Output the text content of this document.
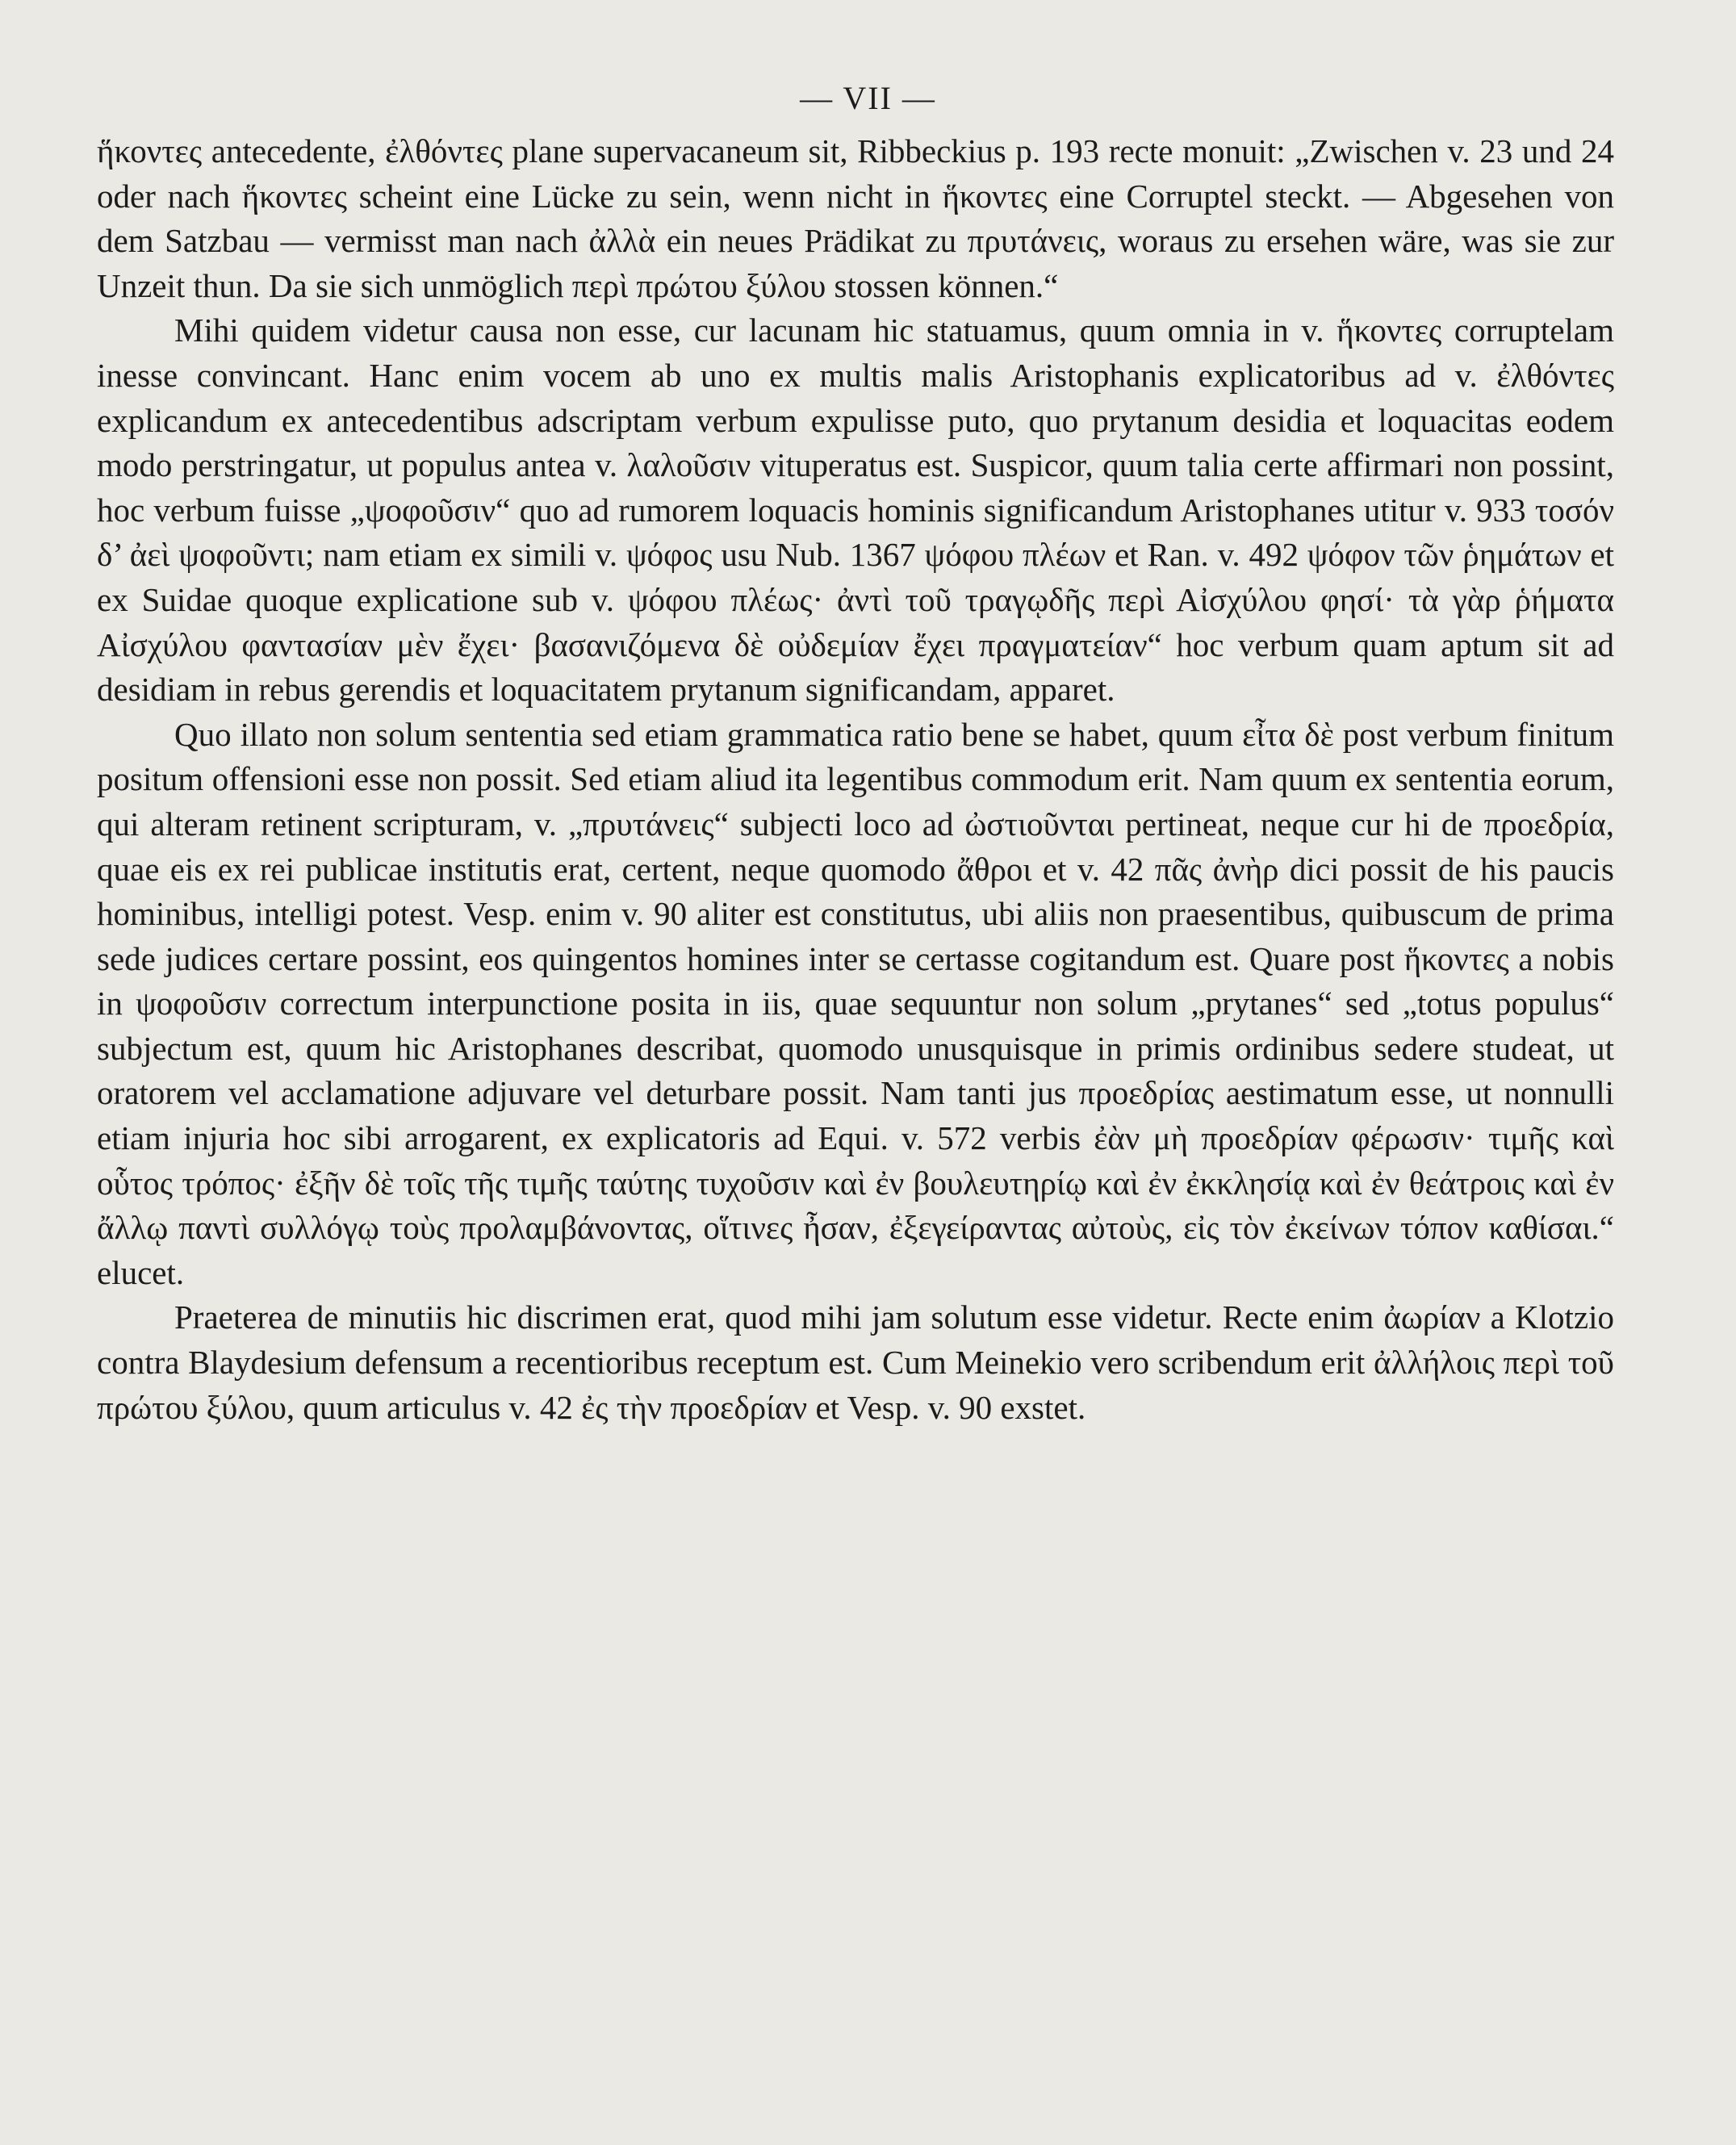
— VII —

ἥκοντες antecedente, ἐλθόντες plane supervacaneum sit, Ribbeckius p. 193 recte monuit: „Zwischen v. 23 und 24 oder nach ἥκοντες scheint eine Lücke zu sein, wenn nicht in ἥκοντες eine Corruptel steckt. — Abgesehen von dem Satzbau — vermisst man nach ἀλλὰ ein neues Prädikat zu πρυτάνεις, woraus zu ersehen wäre, was sie zur Unzeit thun. Da sie sich unmöglich περὶ πρώτου ξύλου stossen können.“

Mihi quidem videtur causa non esse, cur lacunam hic statuamus, quum omnia in v. ἥκοντες corruptelam inesse convincant. Hanc enim vocem ab uno ex multis malis Aristophanis explicatoribus ad v. ἐλθόντες explicandum ex antecedentibus adscriptam verbum expulisse puto, quo prytanum desidia et loquacitas eodem modo perstringatur, ut populus antea v. λαλοῦσιν vituperatus est. Suspicor, quum talia certe affirmari non possint, hoc verbum fuisse „ψοφοῦσιν“ quo ad rumorem loquacis hominis significandum Aristophanes utitur v. 933 τοσόν δ’ ἀεὶ ψοφοῦντι; nam etiam ex simili v. ψόφος usu Nub. 1367 ψόφου πλέων et Ran. v. 492 ψόφον τῶν ῥημάτων et ex Suidae quoque explicatione sub v. ψόφου πλέως· ἀντὶ τοῦ τραγῳδῆς περὶ Αἰσχύλου φησί· τὰ γὰρ ῥήματα Αἰσχύλου φαντασίαν μὲν ἔχει· βασανιζόμενα δὲ οὐδεμίαν ἔχει πραγματείαν“ hoc verbum quam aptum sit ad desidiam in rebus gerendis et loquacitatem prytanum significandam, apparet.

Quo illato non solum sententia sed etiam grammatica ratio bene se habet, quum εἶτα δὲ post verbum finitum positum offensioni esse non possit. Sed etiam aliud ita legentibus commodum erit. Nam quum ex sententia eorum, qui alteram retinent scripturam, v. „πρυτάνεις“ subjecti loco ad ὠστιοῦνται pertineat, neque cur hi de προεδρία, quae eis ex rei publicae institutis erat, certent, neque quomodo ἄθροι et v. 42 πᾶς ἀνὴρ dici possit de his paucis hominibus, intelligi potest. Vesp. enim v. 90 aliter est constitutus, ubi aliis non praesentibus, quibuscum de prima sede judices certare possint, eos quingentos homines inter se certasse cogitandum est. Quare post ἥκοντες a nobis in ψοφοῦσιν correctum interpunctione posita in iis, quae sequuntur non solum „prytanes“ sed „totus populus“ subjectum est, quum hic Aristophanes describat, quomodo unusquisque in primis ordinibus sedere studeat, ut oratorem vel acclamatione adjuvare vel deturbare possit. Nam tanti jus προεδρίας aestimatum esse, ut nonnulli etiam injuria hoc sibi arrogarent, ex explicatoris ad Equi. v. 572 verbis ἐὰν μὴ προεδρίαν φέρωσιν· τιμῆς καὶ οὗτος τρόπος· ἐξῆν δὲ τοῖς τῆς τιμῆς ταύτης τυχοῦσιν καὶ ἐν βουλευτηρίῳ καὶ ἐν ἐκκλησίᾳ καὶ ἐν θεάτροις καὶ ἐν ἄλλῳ παντὶ συλλόγῳ τοὺς προλαμβάνοντας, οἵτινες ἦσαν, ἐξεγείραντας αὐτοὺς, εἰς τὸν ἐκείνων τόπον καθίσαι.“ elucet.

Praeterea de minutiis hic discrimen erat, quod mihi jam solutum esse videtur. Recte enim ἀωρίαν a Klotzio contra Blaydesium defensum a recentioribus receptum est. Cum Meinekio vero scribendum erit ἀλλήλοις περὶ τοῦ πρώτου ξύλου, quum articulus v. 42 ἐς τὴν προεδρίαν et Vesp. v. 90 exstet.
